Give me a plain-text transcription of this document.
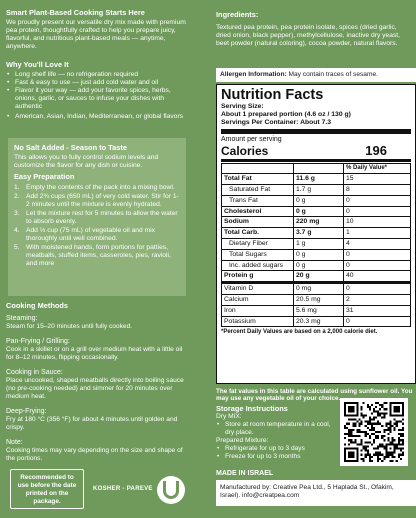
Smart Plant-Based Cooking Starts Here
We proudly present our versatile dry mix made with premium pea protein, thoughtfully crafted to help you prepare juicy, flavorful, and nutritious plant-based meals — anytime, anywhere.
Why You'll Love It
• Long shelf life — no refrigeration required
• Fast & easy to use — just add cold water and oil
• Flavor it your way — add your favorite spices, herbs, onions, garlic, or sauces to infuse your dishes with authentic
• American, Asian, Indian, Mediterranean, or global flavors
No Salt Added - Season to Taste
This allows you to fully control sodium levels and customize the flavor for any dish or cuisine.
Easy Preparation
1. Empty the contents of the pack into a mixing bowl.
2. Add 2¾ cups (650 mL) of very cold water. Stir for 1-2 minutes until the mixture is evenly hydrated.
3. Let the mixture rest for 5 minutes to allow the water to absorb evenly.
4. Add ⅓ cup (75 mL) of vegetable oil and mix thoroughly until well combined.
5. With moistened hands, form portions for patties, meatballs, stuffed items, casseroles, pies, ravioli, and more
Cooking Methods
Steaming:
Steam for 15–20 minutes until fully cooked.
Pan-Frying / Grilling:
Cook in a skillet or on a grill over medium heat with a little oil for 8–12 minutes, flipping occasionally.
Cooking in Sauce:
Place uncooked, shaped meatballs directly into boiling sauce (no pre-cooking needed) and simmer for 20 minutes over medium heat.
Deep-Frying:
Fry at 180 °C (356 °F) for about 4 minutes until golden and crispy.
Note:
Cooking times may vary depending on the size and shape of the portions.
Recommended to use before the date printed on the package.
KOSHER - PAREVE
Ingredients:
Textured pea protein, pea protein isolate, spices (dried garlic, dried onion, black pepper), methylcellulose, inactive dry yeast, beet powder (natural coloring), cocoa powder, natural flavors.
Allergen Information: May contain traces of sesame.
Nutrition Facts
Serving Size:
About 1 prepared portion (4.6 oz / 130 g)
Servings Per Container: About 7.3
Amount per serving
Calories	196
		% Daily Value*
Total Fat	11.6 g	15
Saturated Fat	1.7 g	8
Trans Fat	0 g	0
Cholesterol	0 g	0
Sodium	220 mg	10
Total Carb.	3.7 g	1
Dietary Fiber	1 g	4
Total Sugars	0 g	0
Inc. added sugars	0 g	0
Protein g	20 g	40
Vitamin D	0 mg	0
Calcium	20.5 mg	2
Iron	5.6 mg	31
Potassium	20.3 mg	0
*Percent Daily Values are based on a 2,000 calorie diet.
The fat values in this table are calculated using sunflower oil. You may use any vegetable oil of your choice.
Storage Instructions
Dry MIX:
• Store at room temperature in a cool, dry place.
Prepared Mixture:
• Refrigerate for up to 3 days
• Freeze for up to 3 months
MADE IN ISRAEL
Manufactured by: Creative Pea Ltd., 5 Haplada St., Ofakim, Israel). info@creatpea.com
